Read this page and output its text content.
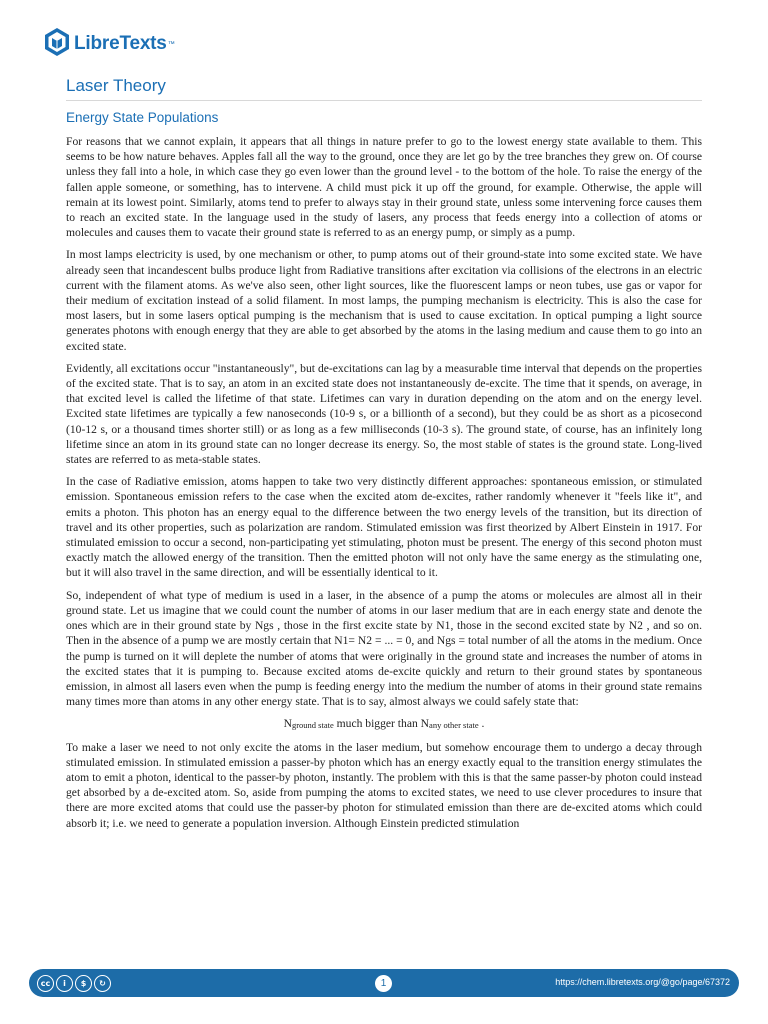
LibreTexts ™
Laser Theory
Energy State Populations

For reasons that we cannot explain, it appears that all things in nature prefer to go to the lowest energy state available to them. This seems to be how nature behaves. Apples fall all the way to the ground, once they are let go by the tree branches they grew on. Of course unless they fall into a hole, in which case they go even lower than the ground level - to the bottom of the hole. To raise the energy of the fallen apple someone, or something, has to intervene. A child must pick it up off the ground, for example. Otherwise, the apple will remain at its lowest point. Similarly, atoms tend to prefer to always stay in their ground state, unless some intervening force causes them to reach an excited state. In the language used in the study of lasers, any process that feeds energy into a collection of atoms or molecules and causes them to vacate their ground state is referred to as an energy pump, or simply as a pump.

In most lamps electricity is used, by one mechanism or other, to pump atoms out of their ground-state into some excited state. We have already seen that incandescent bulbs produce light from Radiative transitions after excitation via collisions of the electrons in an electric current with the filament atoms. As we've also seen, other light sources, like the fluorescent lamps or neon tubes, use gas or vapor for their medium of excitation instead of a solid filament. In most lamps, the pumping mechanism is electricity. This is also the case for most lasers, but in some lasers optical pumping is the mechanism that is used to cause excitation. In optical pumping a light source generates photons with enough energy that they are able to get absorbed by the atoms in the lasing medium and cause them to go into an excited state.

Evidently, all excitations occur "instantaneously", but de-excitations can lag by a measurable time interval that depends on the properties of the excited state. That is to say, an atom in an excited state does not instantaneously de-excite. The time that it spends, on average, in that excited level is called the lifetime of that state. Lifetimes can vary in duration depending on the atom and on the energy level. Excited state lifetimes are typically a few nanoseconds (10-9 s, or a billionth of a second), but they could be as short as a picosecond (10-12 s, or a thousand times shorter still) or as long as a few milliseconds (10-3 s). The ground state, of course, has an infinitely long lifetime since an atom in its ground state can no longer decrease its energy. So, the most stable of states is the ground state. Long-lived states are referred to as meta-stable states.

In the case of Radiative emission, atoms happen to take two very distinctly different approaches: spontaneous emission, or stimulated emission. Spontaneous emission refers to the case when the excited atom de-excites, rather randomly whenever it "feels like it", and emits a photon. This photon has an energy equal to the difference between the two energy levels of the transition, but its direction of travel and its other properties, such as polarization are random. Stimulated emission was first theorized by Albert Einstein in 1917. For stimulated emission to occur a second, non-participating yet stimulating, photon must be present. The energy of this second photon must exactly match the allowed energy of the transition. Then the emitted photon will not only have the same energy as the stimulating one, but it will also travel in the same direction, and will be essentially identical to it.

So, independent of what type of medium is used in a laser, in the absence of a pump the atoms or molecules are almost all in their ground state. Let us imagine that we could count the number of atoms in our laser medium that are in each energy state and denote the ones which are in their ground state by Ngs , those in the first excite state by N1, those in the second excited state by N2 , and so on. Then in the absence of a pump we are mostly certain that N1= N2 = ... = 0, and Ngs = total number of all the atoms in the medium. Once the pump is turned on it will deplete the number of atoms that were originally in the ground state and increases the number of atoms in the excited states that it is pumping to. Because excited atoms de-excite quickly and return to their ground states by spontaneous emission, in almost all lasers even when the pump is feeding energy into the medium the number of atoms in their ground state remains many times more than atoms in any other energy state. That is to say, almost always we could safely state that:

$N_{ground state}$ much bigger than $N_{any other state}$ .

To make a laser we need to not only excite the atoms in the laser medium, but somehow encourage them to undergo a decay through stimulated emission. In stimulated emission a passer-by photon which has an energy exactly equal to the transition energy stimulates the atom to emit a photon, identical to the passer-by photon, instantly. The problem with this is that the same passer-by photon could instead get absorbed by a de-excited atom. So, aside from pumping the atoms to excited states, we need to use clever procedures to insure that there are more excited atoms that could use the passer-by photon for stimulated emission than there are de-excited atoms which could absorb it; i.e. we need to generate a population inversion. Although Einstein predicted stimulation

cc	i	$	↻	1	https://chem.libretexts.org/@go/page/67372
